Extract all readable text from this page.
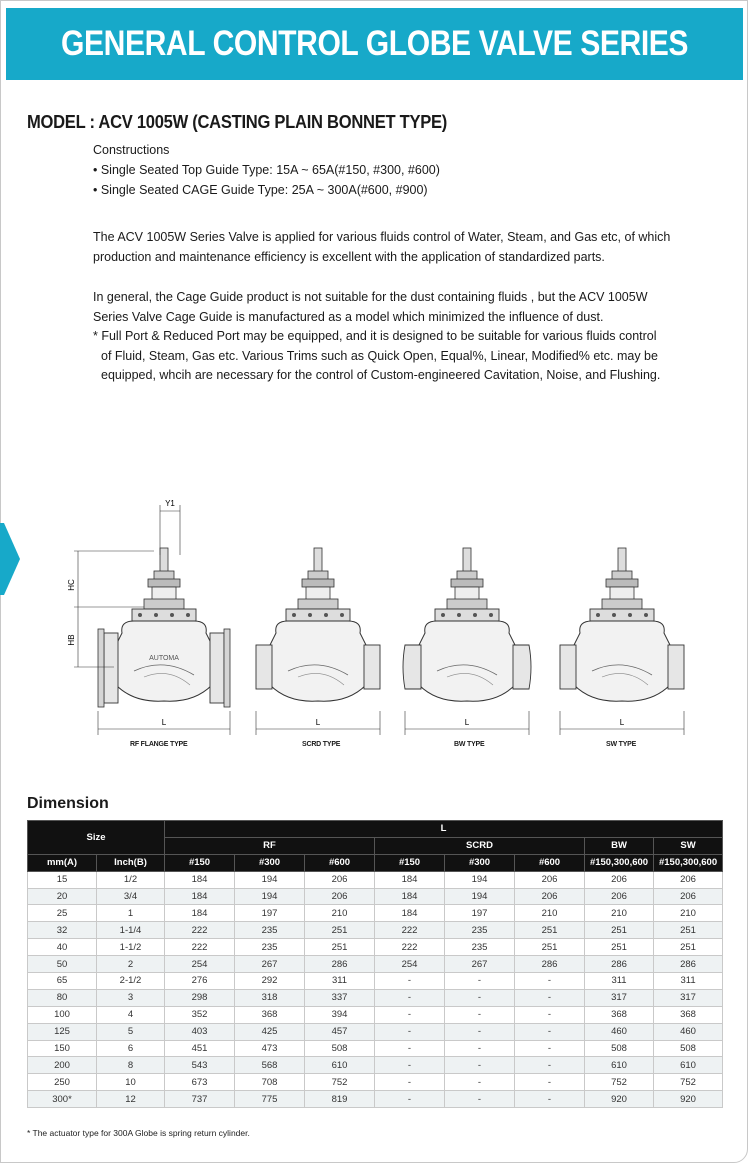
GENERAL CONTROL GLOBE VALVE SERIES
MODEL : ACV 1005W (CASTING PLAIN BONNET TYPE)
Constructions
• Single Seated Top Guide Type: 15A ~ 65A(#150, #300, #600)
• Single Seated CAGE Guide Type: 25A ~ 300A(#600, #900)
The ACV 1005W Series Valve is applied for various fluids control of Water, Steam, and Gas etc, of which
production and maintenance efficiency is excellent with the application of standardized parts.
In general, the Cage Guide product is not suitable for the dust containing fluids , but the ACV 1005W
Series Valve Cage Guide is manufactured as a model which minimized the influence of dust.
* Full Port & Reduced Port may be equipped, and it is designed to be suitable for various fluids control
of Fluid, Steam, Gas etc. Various Trims such as Quick Open, Equal%, Linear, Modified% etc. may be
equipped, whcih are necessary for the control of Custom-engineered Cavitation, Noise, and Flushing.
AUTOMA
Y1
HC
HB
L	L	L	L
RF FLANGE TYPE	SCRD TYPE	BW TYPE	SW TYPE
Dimension
Size		L							
		RF			SCRD			BW	SW
mm(A)	Inch(B)	#150	#300	#600	#150	#300	#600	#150,300,600	#150,300,600
15	1/2	184	194	206	184	194	206	206	206
20	3/4	184	194	206	184	194	206	206	206
25	1	184	197	210	184	197	210	210	210
32	1-1/4	222	235	251	222	235	251	251	251
40	1-1/2	222	235	251	222	235	251	251	251
50	2	254	267	286	254	267	286	286	286
65	2-1/2	276	292	311	-	-	-	311	311
80	3	298	318	337	-	-	-	317	317
100	4	352	368	394	-	-	-	368	368
125	5	403	425	457	-	-	-	460	460
150	6	451	473	508	-	-	-	508	508
200	8	543	568	610	-	-	-	610	610
250	10	673	708	752	-	-	-	752	752
300*	12	737	775	819	-	-	-	920	920
* The actuator type for 300A Globe is spring return cylinder.
